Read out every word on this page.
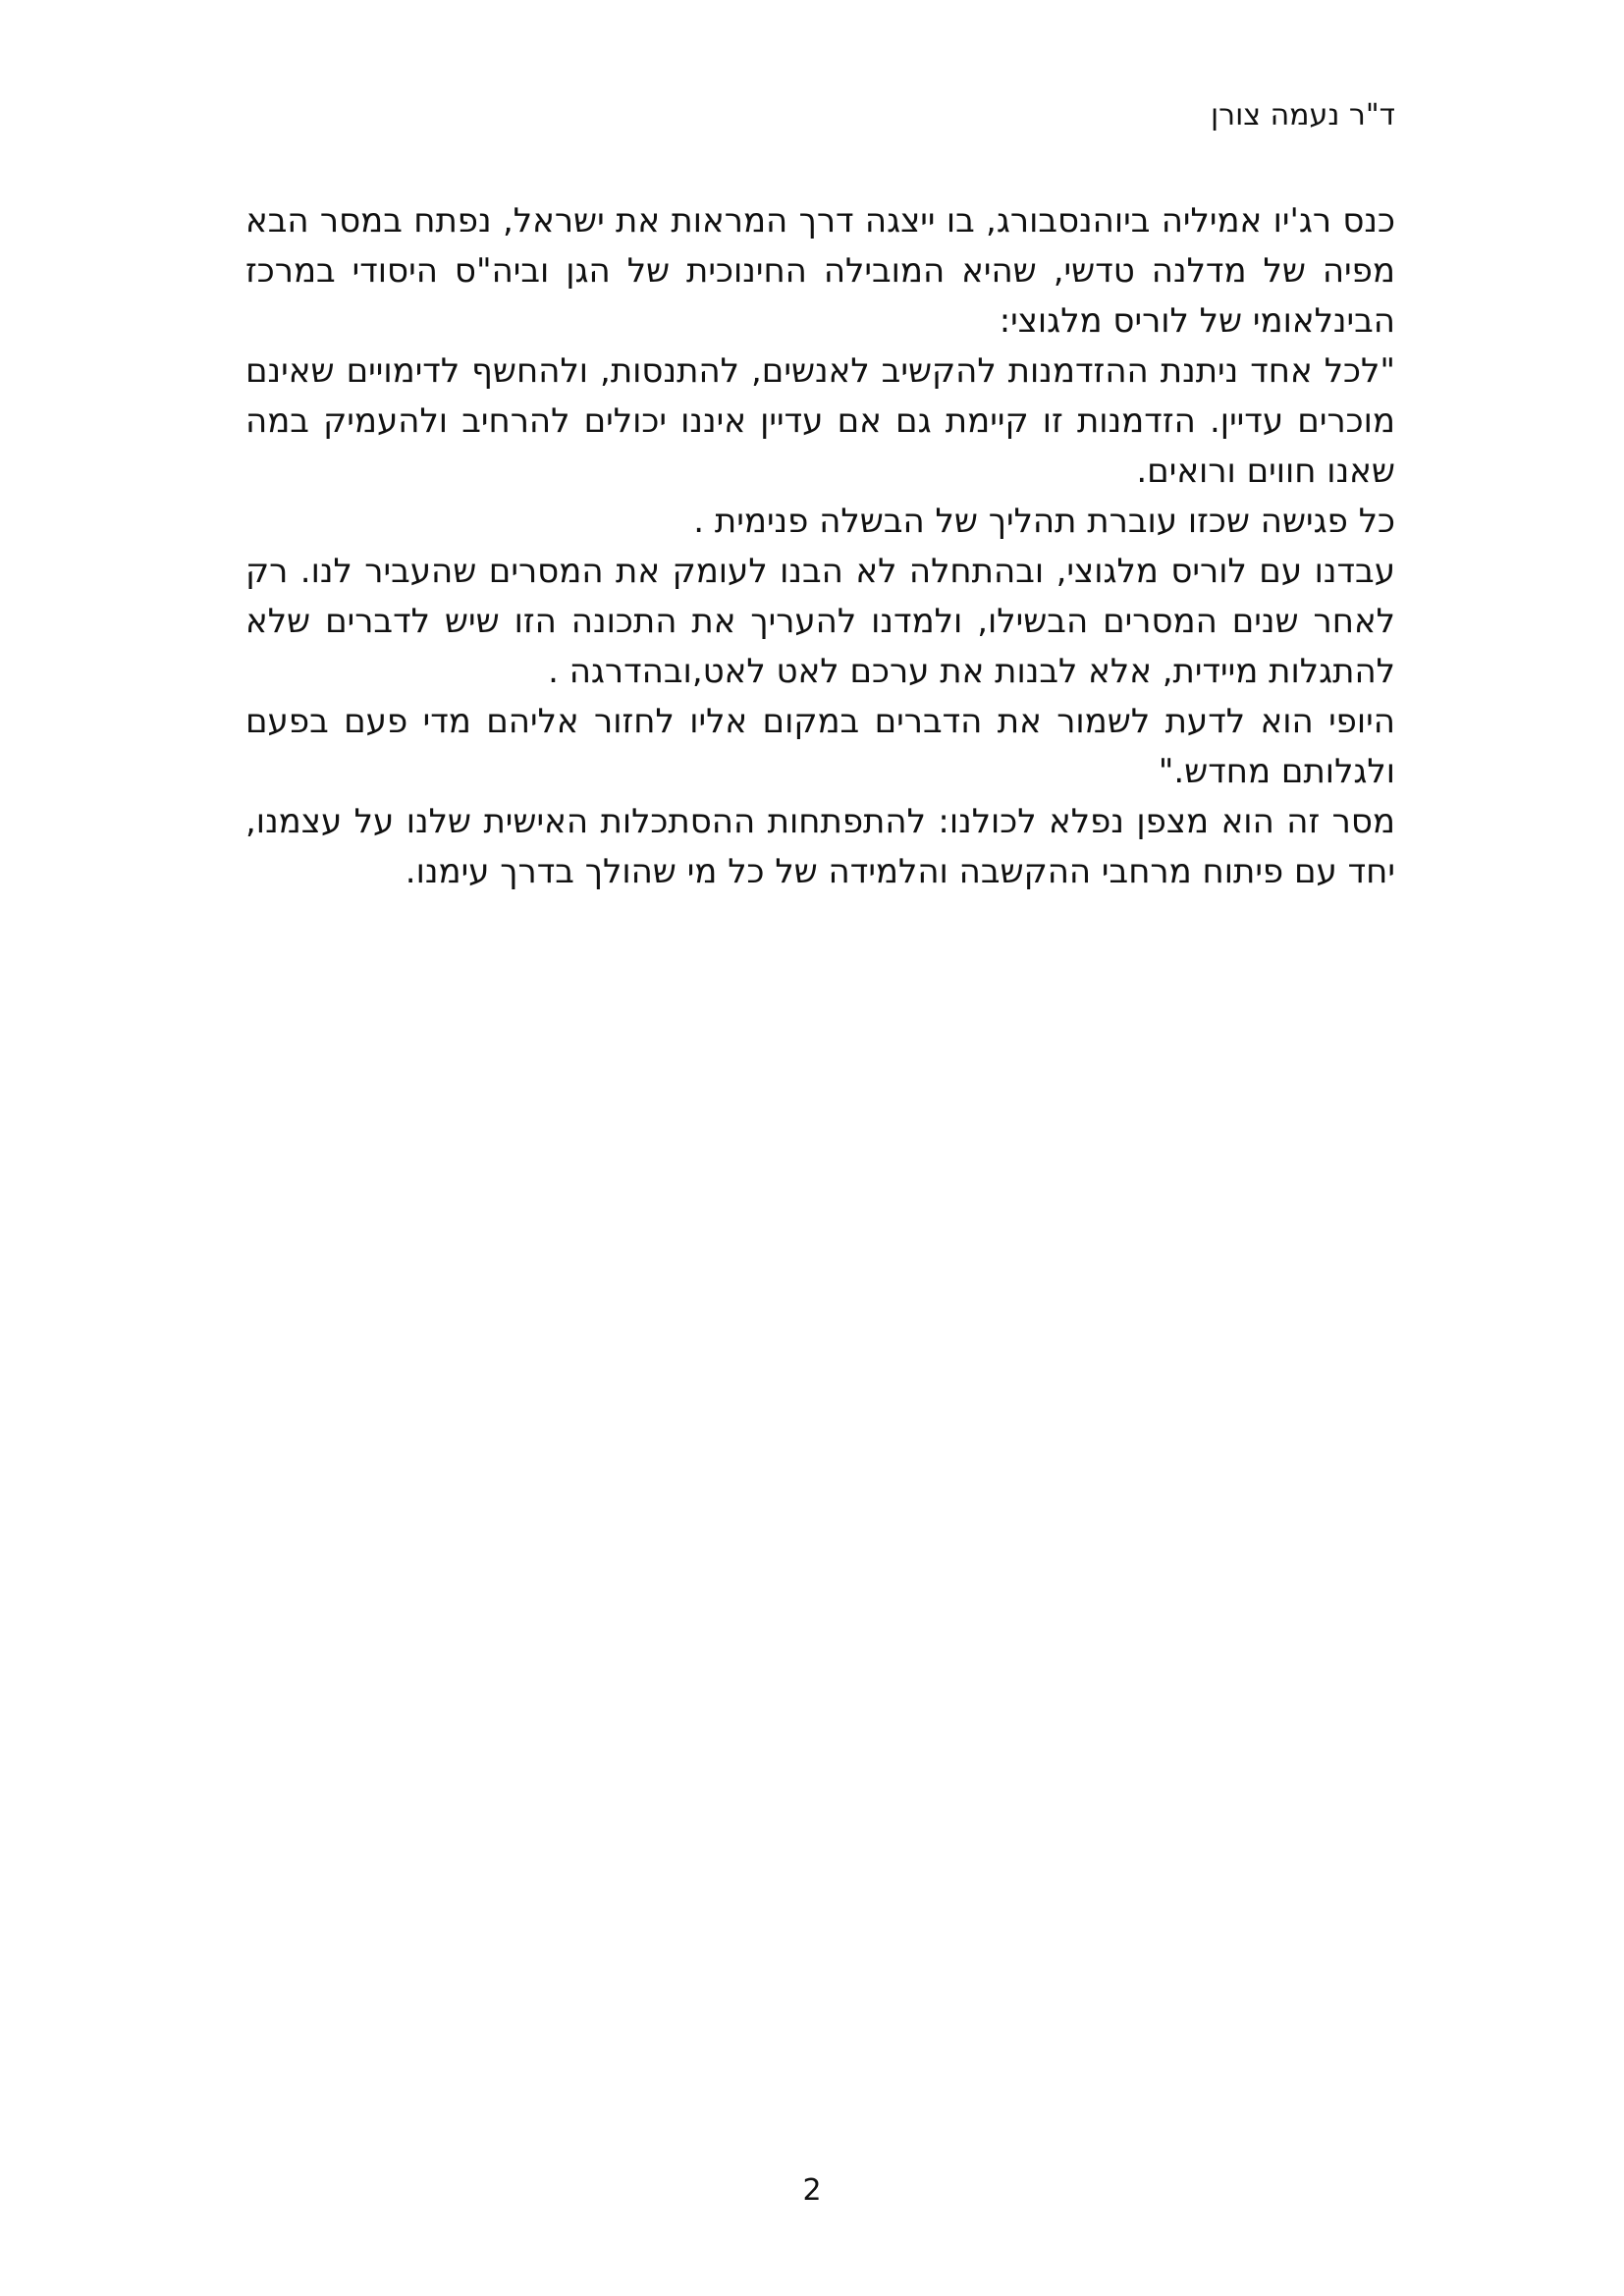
ד"ר נעמה צורן

כנס רג'יו אמיליה ביוהנסבורג, בו ייצגה דרך המראות את ישראל, נפתח במסר הבא מפיה של מדלנה טדשי, שהיא המובילה החינוכית של הגן וביה"ס היסודי במרכז הבינלאומי של לוריס מלגוצי:

"לכל אחד ניתנת ההזדמנות להקשיב לאנשים, להתנסות, ולהחשף לדימויים שאינם מוכרים עדיין. הזדמנות זו קיימת גם אם עדיין איננו יכולים להרחיב ולהעמיק במה שאנו חווים ורואים.

כל פגישה שכזו עוברת תהליך של הבשלה פנימית .

עבדנו עם לוריס מלגוצי, ובהתחלה לא הבנו לעומק את המסרים שהעביר לנו. רק לאחר שנים המסרים הבשילו, ולמדנו להעריך את התכונה הזו שיש לדברים שלא להתגלות מיידית, אלא לבנות את ערכם לאט לאט,ובהדרגה .

היופי הוא לדעת לשמור את הדברים במקום אליו לחזור אליהם מדי פעם בפעם ולגלותם מחדש."

מסר זה הוא מצפן נפלא לכולנו: להתפתחות ההסתכלות האישית שלנו על עצמנו, יחד עם פיתוח מרחבי ההקשבה והלמידה של כל מי שהולך בדרך עימנו.

2
